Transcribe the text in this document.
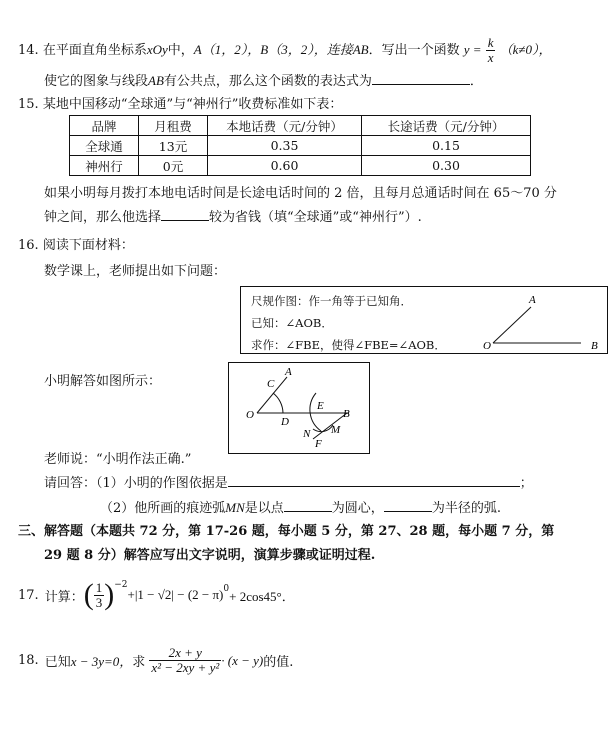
14. 在平面直角坐标系xOy中，A（1，2），B（3，2），连接AB．写出一个函数 $y = \frac{k}{x} (k\ne 0)$，
使它的图象与线段AB有公共点，那么这个函数的表达式为	．
15. 某地中国移动“全球通”与“神州行”收费标准如下表：
品牌	月租费	本地话费（元/分钟）	长途话费（元/分钟）
全球通	13元	0.35	0.15
神州行	0元	0.60	0.30
如果小明每月拨打本地电话时间是长途电话时间的 2 倍，且每月总通话时间在 65～70 分
钟之间，那么他选择	较为省钱（填“全球通”或“神州行”）.
16. 阅读下面材料：
数学课上，老师提出如下问题：
尺规作图：作一角等于已知角．
已知：∠AOB．
求作：∠FBE，使得∠FBE=∠AOB．
A
O	B
小明解答如图所示：	C
A
O
D
E
B
N M
F
老师说：“小明作法正确.”
请回答：（1）小明的作图依据是	；
（2）他所画的痕迹弧MN是以点	为圆心，	为半径的弧.
三、解答题（本题共 72 分，第 17-26 题，每小题 5 分，第 27、28 题，每小题 7 分，第
29 题 8 分）解答应写出文字说明，演算步骤或证明过程.
17. 计算： ( $\frac{1}{3} )^{-2}$
$+|1 - √2| - (2 - \pi)^0 + 2\cos 45^\circ$．
18. 已知 x − 3y=0， 求 $\frac{2x + y}{\text{x² − 2xy + y²}} \cdot (x - y)$ 的值.
